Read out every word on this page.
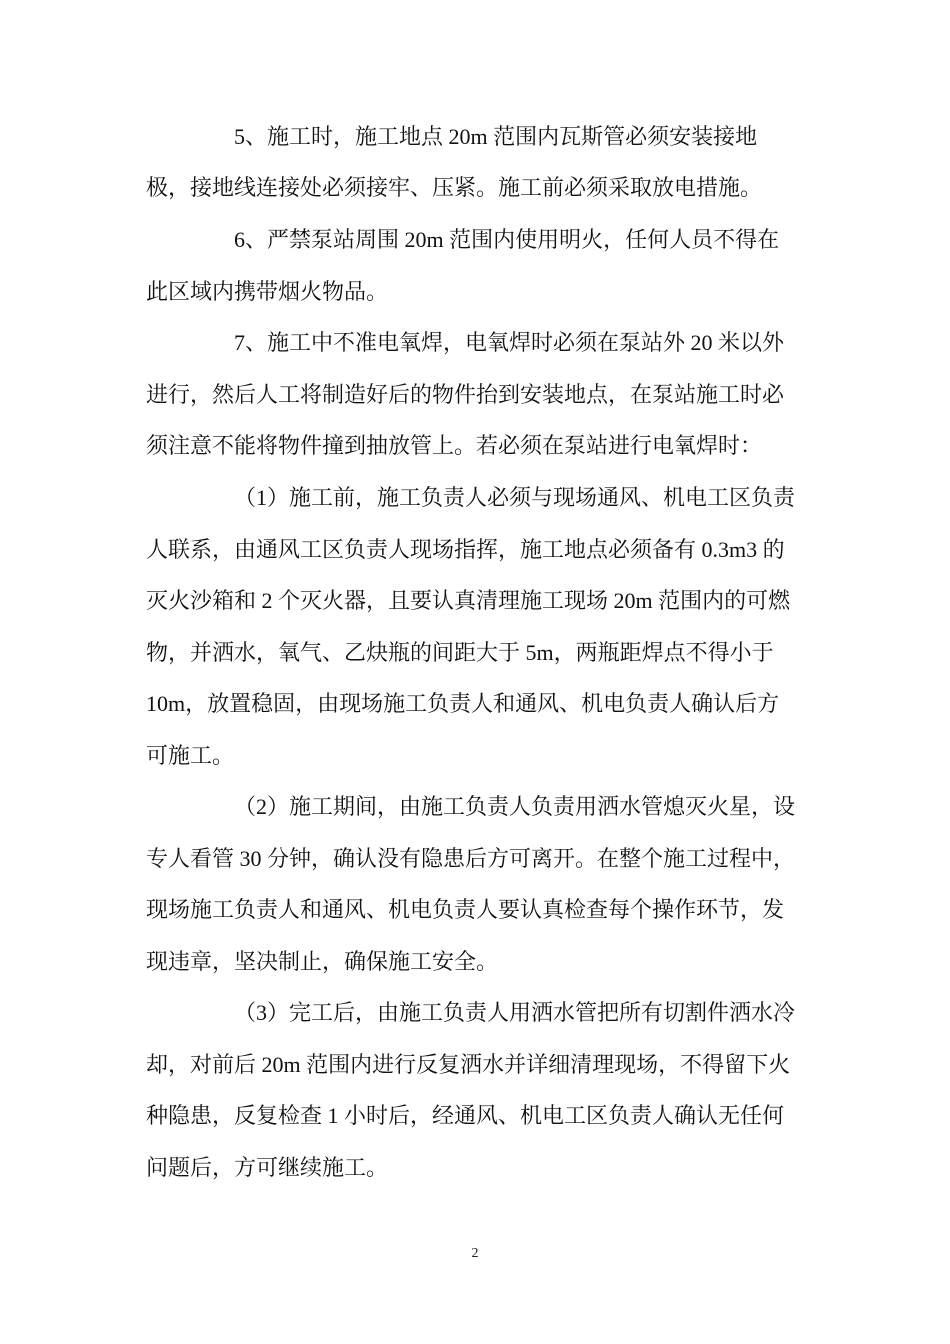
5、施工时，施工地点 20m 范围内瓦斯管必须安装接地

极，接地线连接处必须接牢、压紧。施工前必须采取放电措施。

6、严禁泵站周围 20m 范围内使用明火，任何人员不得在

此区域内携带烟火物品。

7、施工中不准电氧焊，电氧焊时必须在泵站外 20 米以外

进行，然后人工将制造好后的物件抬到安装地点，在泵站施工时必

须注意不能将物件撞到抽放管上。若必须在泵站进行电氧焊时：

（1）施工前，施工负责人必须与现场通风、机电工区负责

人联系，由通风工区负责人现场指挥，施工地点必须备有 0.3m3 的

灭火沙箱和 2 个灭火器，且要认真清理施工现场 20m 范围内的可燃

物，并洒水，氧气、乙炔瓶的间距大于 5m，两瓶距焊点不得小于

10m，放置稳固，由现场施工负责人和通风、机电负责人确认后方

可施工。

（2）施工期间，由施工负责人负责用洒水管熄灭火星，设

专人看管 30 分钟，确认没有隐患后方可离开。在整个施工过程中，

现场施工负责人和通风、机电负责人要认真检查每个操作环节，发

现违章，坚决制止，确保施工安全。

（3）完工后，由施工负责人用洒水管把所有切割件洒水冷

却，对前后 20m 范围内进行反复洒水并详细清理现场，不得留下火

种隐患，反复检查 1 小时后，经通风、机电工区负责人确认无任何

问题后，方可继续施工。

2
